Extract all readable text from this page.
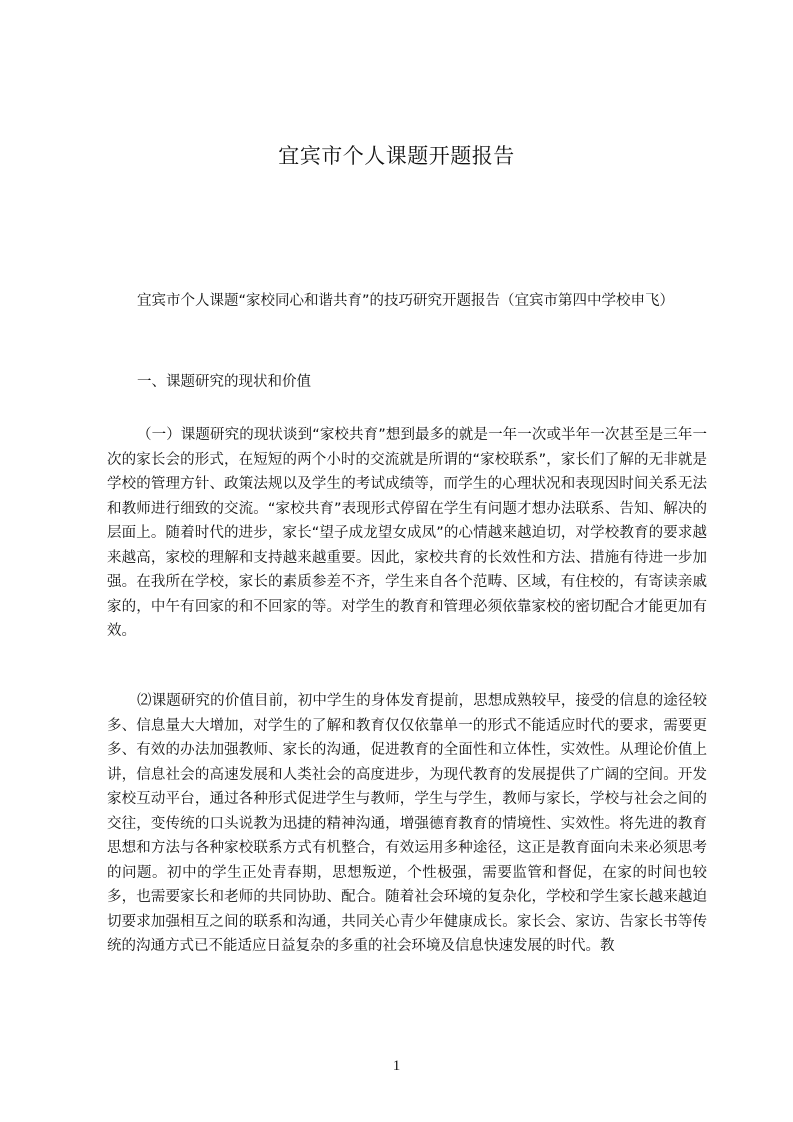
宜宾市个人课题开题报告

宜宾市个人课题“家校同心和谐共育”的技巧研究开题报告（宜宾市第四中学校申飞）

一、课题研究的现状和价值

（一）课题研究的现状谈到“家校共育”想到最多的就是一年一次或半年一次甚至是三年一次的家长会的形式，在短短的两个小时的交流就是所谓的“家校联系”，家长们了解的无非就是学校的管理方针、政策法规以及学生的考试成绩等，而学生的心理状况和表现因时间关系无法和教师进行细致的交流。“家校共育”表现形式停留在学生有问题才想办法联系、告知、解决的层面上。随着时代的进步，家长“望子成龙望女成凤”的心情越来越迫切，对学校教育的要求越来越高，家校的理解和支持越来越重要。因此，家校共育的长效性和方法、措施有待进一步加强。在我所在学校，家长的素质参差不齐，学生来自各个范畴、区域，有住校的，有寄读亲戚家的，中午有回家的和不回家的等。对学生的教育和管理必须依靠家校的密切配合才能更加有效。

⑵课题研究的价值目前，初中学生的身体发育提前，思想成熟较早，接受的信息的途径较多、信息量大大增加，对学生的了解和教育仅仅依靠单一的形式不能适应时代的要求，需要更多、有效的办法加强教师、家长的沟通，促进教育的全面性和立体性，实效性。从理论价值上讲，信息社会的高速发展和人类社会的高度进步，为现代教育的发展提供了广阔的空间。开发家校互动平台，通过各种形式促进学生与教师，学生与学生，教师与家长，学校与社会之间的交往，变传统的口头说教为迅捷的精神沟通，增强德育教育的情境性、实效性。将先进的教育思想和方法与各种家校联系方式有机整合，有效运用多种途径，这正是教育面向未来必须思考的问题。初中的学生正处青春期，思想叛逆，个性极强，需要监管和督促，在家的时间也较多，也需要家长和老师的共同协助、配合。随着社会环境的复杂化，学校和学生家长越来越迫切要求加强相互之间的联系和沟通，共同关心青少年健康成长。家长会、家访、告家长书等传统的沟通方式已不能适应日益复杂的多重的社会环境及信息快速发展的时代。教

1
